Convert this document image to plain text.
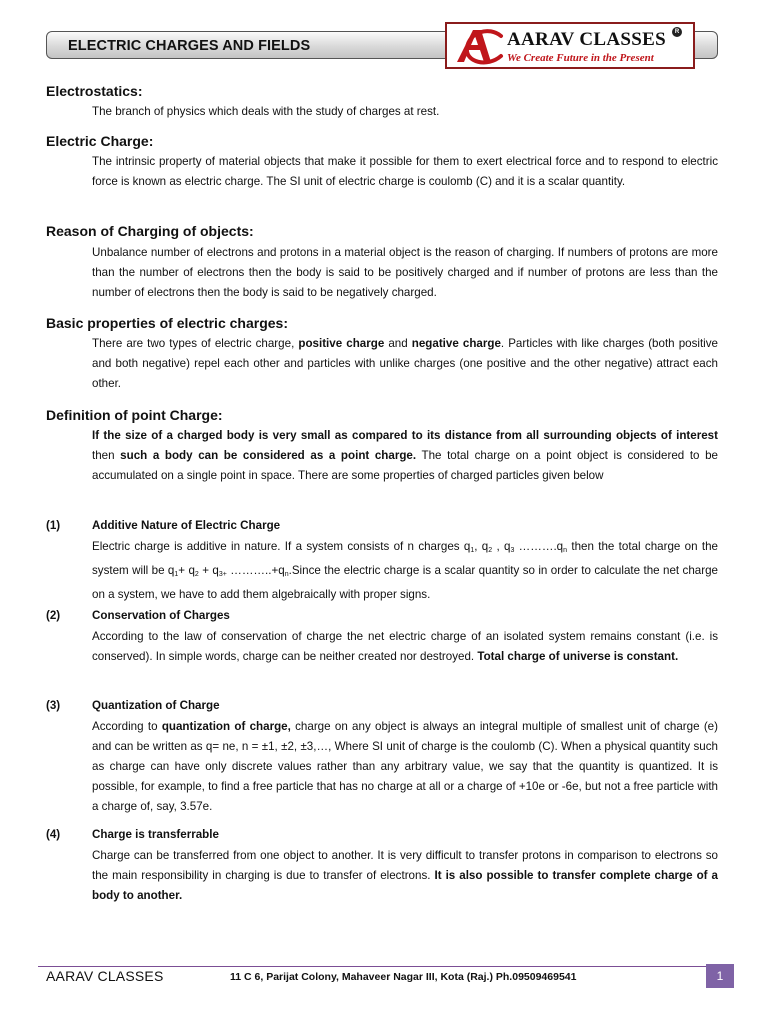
ELECTRIC CHARGES AND FIELDS	AARAV CLASSES	R
We Create Future in the Present
Electrostatics:

The branch of physics which deals with the study of charges at rest.

Electric Charge:

The intrinsic property of material objects that make it possible for them to exert electrical force and to respond to electric force is known as electric charge. The SI unit of electric charge is coulomb (C) and it is a scalar quantity.

Reason of Charging of objects:

Unbalance number of electrons and protons in a material object is the reason of charging. If numbers of protons are more than the number of electrons then the body is said to be positively charged and if number of protons are less than the number of electrons then the body is said to be negatively charged.

Basic properties of electric charges:

There are two types of electric charge, positive charge and negative charge. Particles with like charges (both positive and both negative) repel each other and particles with unlike charges (one positive and the other negative) attract each other.

Definition of point Charge:

If the size of a charged body is very small as compared to its distance from all surrounding objects of interest then such a body can be considered as a point charge. The total charge on a point object is considered to be accumulated on a single point in space. There are some properties of charged particles given below

(1)	Additive Nature of Electric Charge

Electric charge is additive in nature. If a system consists of n charges $q_1$, $q_2$ , $q_3$ $\dots\dots\dots.q_n$ then the total charge on the system will be $q_1+ q_2 + q_{3+}$ $\dots\dots\dots..+q_n.Since$ the electric charge is a scalar quantity so in order to calculate the net charge on a system, we have to add them algebraically with proper signs.

(2)	Conservation of Charges

According to the law of conservation of charge the net electric charge of an isolated system remains constant (i.e. is conserved). In simple words, charge can be neither created nor destroyed. Total charge of universe is constant.

(3)	Quantization of Charge

According to quantization of charge, charge on any object is always an integral multiple of smallest unit of charge (e) and can be written as q= ne, n = ±1, ±2, ±3,…, Where SI unit of charge is the coulomb (C). When a physical quantity such as charge can have only discrete values rather than any arbitrary value, we say that the quantity is quantized. It is possible, for example, to find a free particle that has no charge at all or a charge of +10e or -6e, but not a free particle with a charge of, say, 3.57e.

(4)	Charge is transferrable

Charge can be transferred from one object to another. It is very difficult to transfer protons in comparison to electrons so the main responsibility in charging is due to transfer of electrons. It is also possible to transfer complete charge of a body to another.

AARAV CLASSES	11 C 6, Parijat Colony, Mahaveer Nagar III, Kota (Raj.) Ph.09509469541	1
